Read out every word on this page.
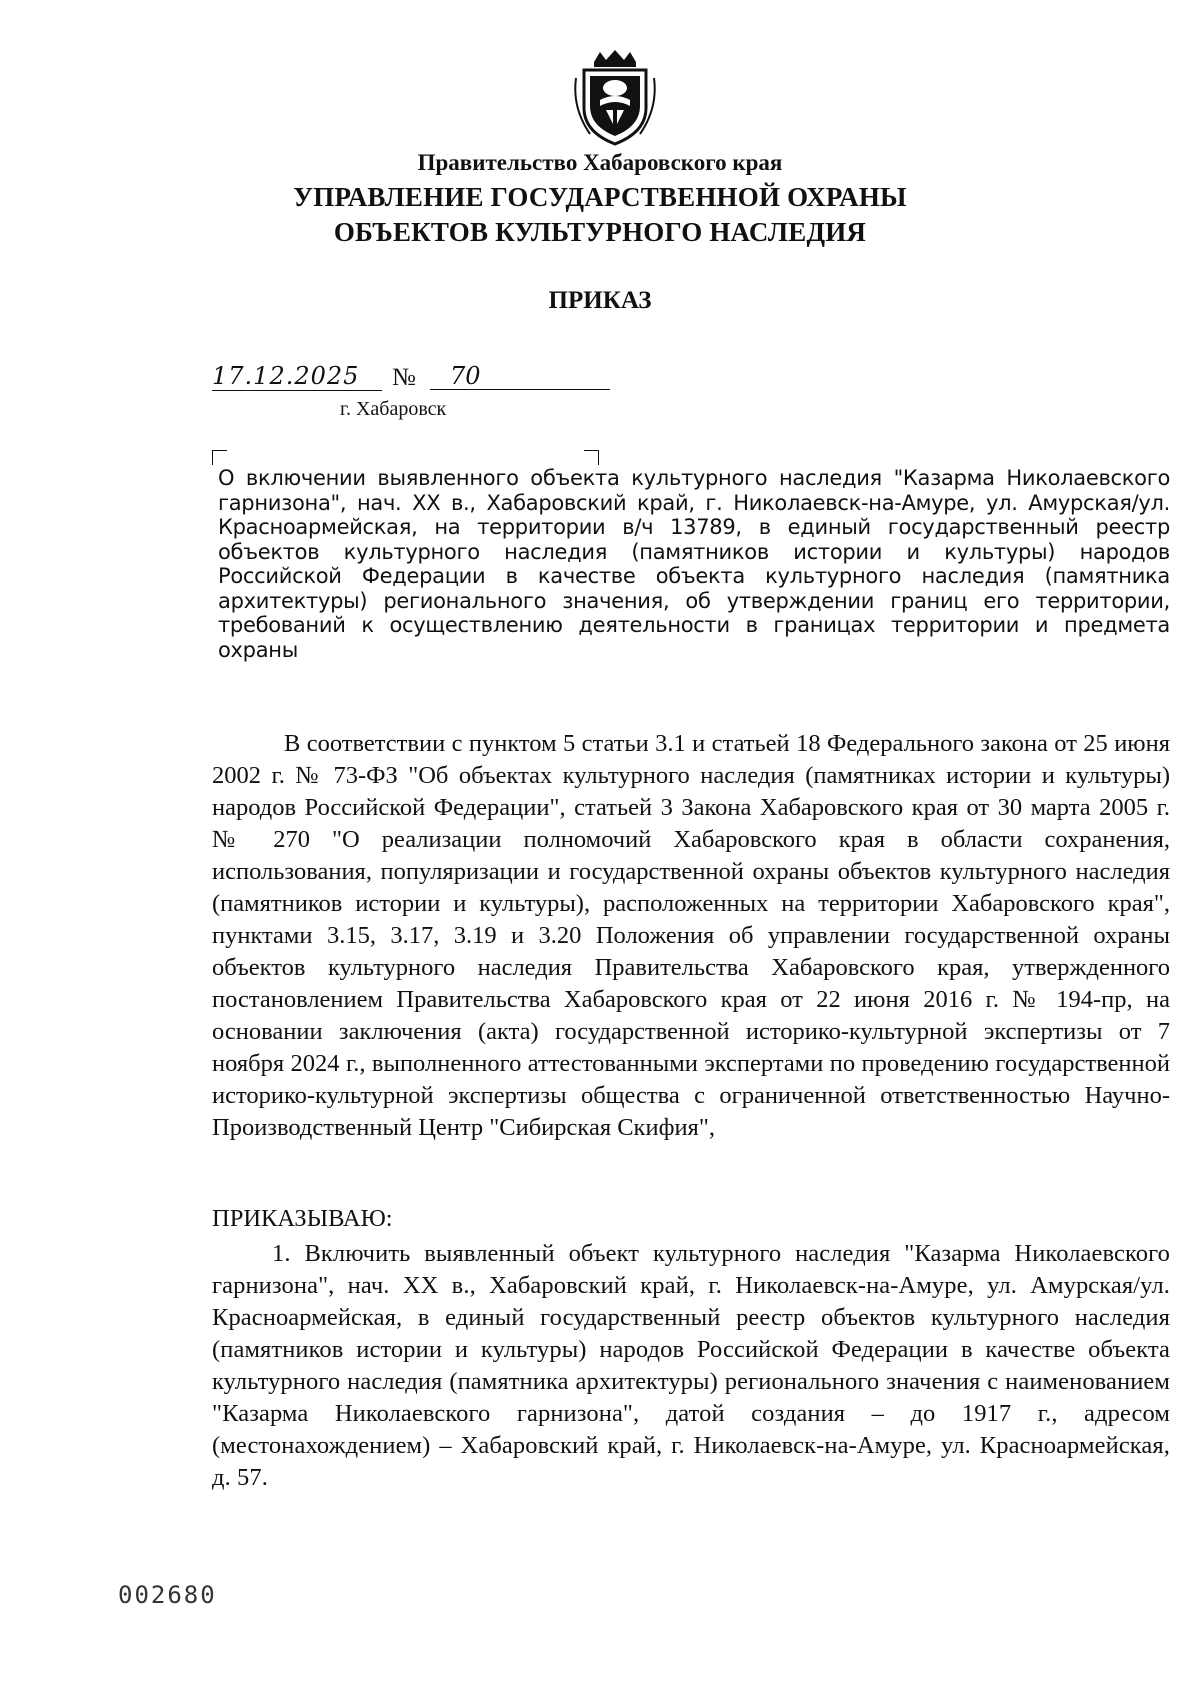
Правительство Хабаровского края
УПРАВЛЕНИЕ ГОСУДАРСТВЕННОЙ ОХРАНЫ
ОБЪЕКТОВ КУЛЬТУРНОГО НАСЛЕДИЯ
ПРИКАЗ
17.12.2025	№	70
г. Хабаровск
О включении выявленного объекта культурного наследия "Казарма Николаевского гарнизона", нач. XX в., Хабаровский край, г. Николаевск-на-Амуре, ул. Амурская/ул. Красноармейская, на территории в/ч 13789, в единый государственный реестр объектов культурного наследия (памятников истории и культуры) народов Российской Федерации в качестве объекта культурного наследия (памятника архитектуры) регионального значения, об утверждении границ его территории, требований к осуществлению деятельности в границах территории и предмета охраны
В соответствии с пунктом 5 статьи 3.1 и статьей 18 Федерального закона от 25 июня 2002 г. № 73-ФЗ "Об объектах культурного наследия (памятниках истории и культуры) народов Российской Федерации", статьей 3 Закона Хабаровского края от 30 марта 2005 г. № 270 "О реализации полномочий Хабаровского края в области сохранения, использования, популяризации и государственной охраны объектов культурного наследия (памятников истории и культуры), расположенных на территории Хабаровского края", пунктами 3.15, 3.17, 3.19 и 3.20 Положения об управлении государственной охраны объектов культурного наследия Правительства Хабаровского края, утвержденного постановлением Правительства Хабаровского края от 22 июня 2016 г. № 194-пр, на основании заключения (акта) государственной историко-культурной экспертизы от 7 ноября 2024 г., выполненного аттестованными экспертами по проведению государственной историко-культурной экспертизы общества с ограниченной ответственностью Научно-Производственный Центр "Сибирская Скифия",
ПРИКАЗЫВАЮ:
1. Включить выявленный объект культурного наследия "Казарма Николаевского гарнизона", нач. XX в., Хабаровский край, г. Николаевск-на-Амуре, ул. Амурская/ул. Красноармейская, в единый государственный реестр объектов культурного наследия (памятников истории и культуры) народов Российской Федерации в качестве объекта культурного наследия (памятника архитектуры) регионального значения с наименованием "Казарма Николаевского гарнизона", датой создания – до 1917 г., адресом (местонахождением) – Хабаровский край, г. Николаевск-на-Амуре, ул. Красноармейская, д. 57.
002680
